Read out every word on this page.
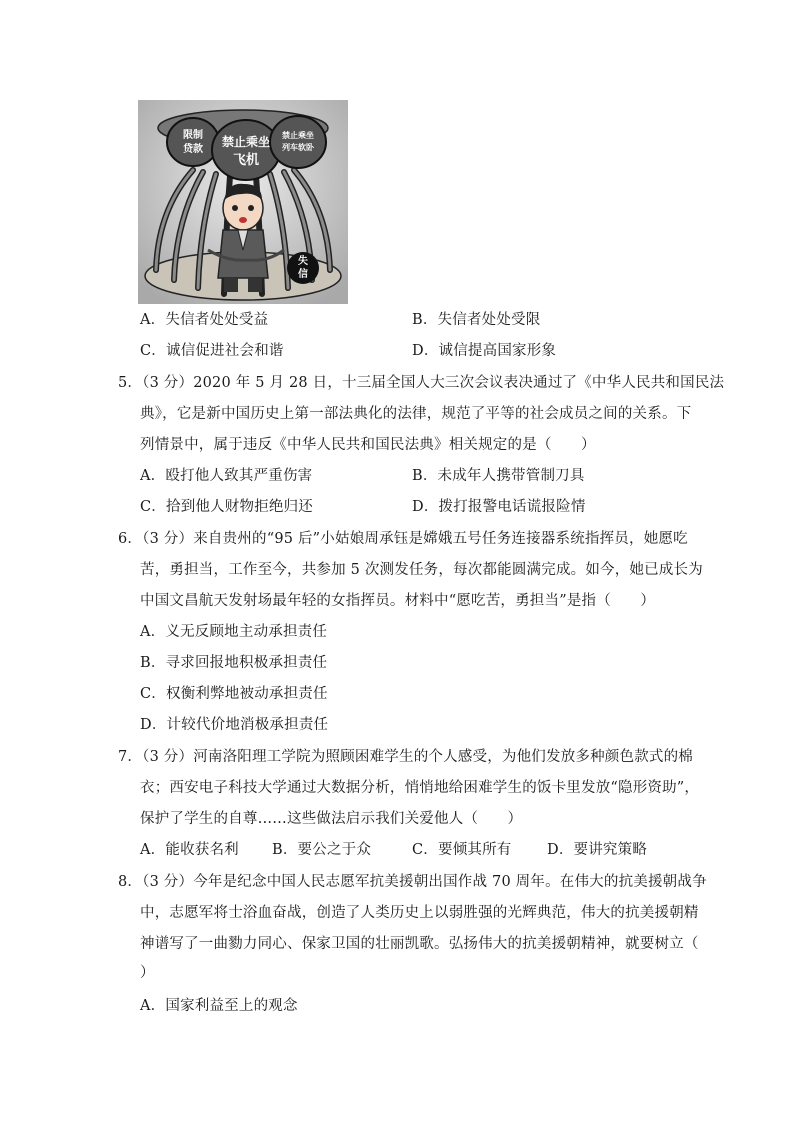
限制
贷款
禁止乘坐
飞机
禁止乘坐
列车软卧
失
信
A．失信者处处受益	B．失信者处处受限
C．诚信促进社会和谐	D．诚信提高国家形象
5．（3 分）2020 年 5 月 28 日，十三届全国人大三次会议表决通过了《中华人民共和国民法
典》，它是新中国历史上第一部法典化的法律，规范了平等的社会成员之间的关系。下
列情景中，属于违反《中华人民共和国民法典》相关规定的是（　　）
A．殴打他人致其严重伤害	B．未成年人携带管制刀具
C．拾到他人财物拒绝归还	D．拨打报警电话谎报险情
6．（3 分）来自贵州的“95 后”小姑娘周承钰是嫦娥五号任务连接器系统指挥员，她愿吃
苦，勇担当，工作至今，共参加 5 次测发任务，每次都能圆满完成。如今，她已成长为
中国文昌航天发射场最年轻的女指挥员。材料中“愿吃苦，勇担当”是指（　　）
A．义无反顾地主动承担责任
B．寻求回报地积极承担责任
C．权衡利弊地被动承担责任
D．计较代价地消极承担责任
7．（3 分）河南洛阳理工学院为照顾困难学生的个人感受，为他们发放多种颜色款式的棉
衣；西安电子科技大学通过大数据分析，悄悄地给困难学生的饭卡里发放“隐形资助”，
保护了学生的自尊……这些做法启示我们关爱他人（　　）
A．能收获名利 B．要公之于众	C．要倾其所有 D．要讲究策略
8．（3 分）今年是纪念中国人民志愿军抗美援朝出国作战 70 周年。在伟大的抗美援朝战争
中，志愿军将士浴血奋战，创造了人类历史上以弱胜强的光辉典范，伟大的抗美援朝精
神谱写了一曲勠力同心、保家卫国的壮丽凯歌。弘扬伟大的抗美援朝精神，就要树立（
）
A．国家利益至上的观念
